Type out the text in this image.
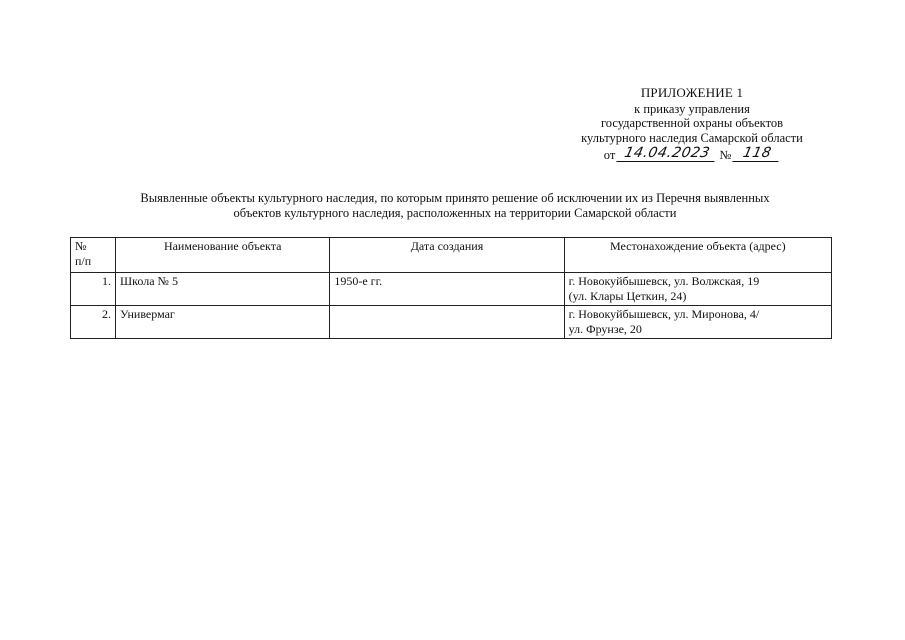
ПРИЛОЖЕНИЕ 1
к приказу управления
государственной охраны объектов
культурного наследия Самарской области
от 14.04.2023 № 118
Выявленные объекты культурного наследия, по которым принято решение об исключении их из Перечня выявленных
объектов культурного наследия, расположенных на территории Самарской области
№
п/п	Наименование объекта	Дата создания	Местонахождение объекта (адрес)
1.	Школа № 5	1950-е гг.	г. Новокуйбышевск, ул. Волжская, 19
(ул. Клары Цеткин, 24)

2.	Универмаг		г. Новокуйбышевск, ул. Миронова, 4/
ул. Фрунзе, 20
